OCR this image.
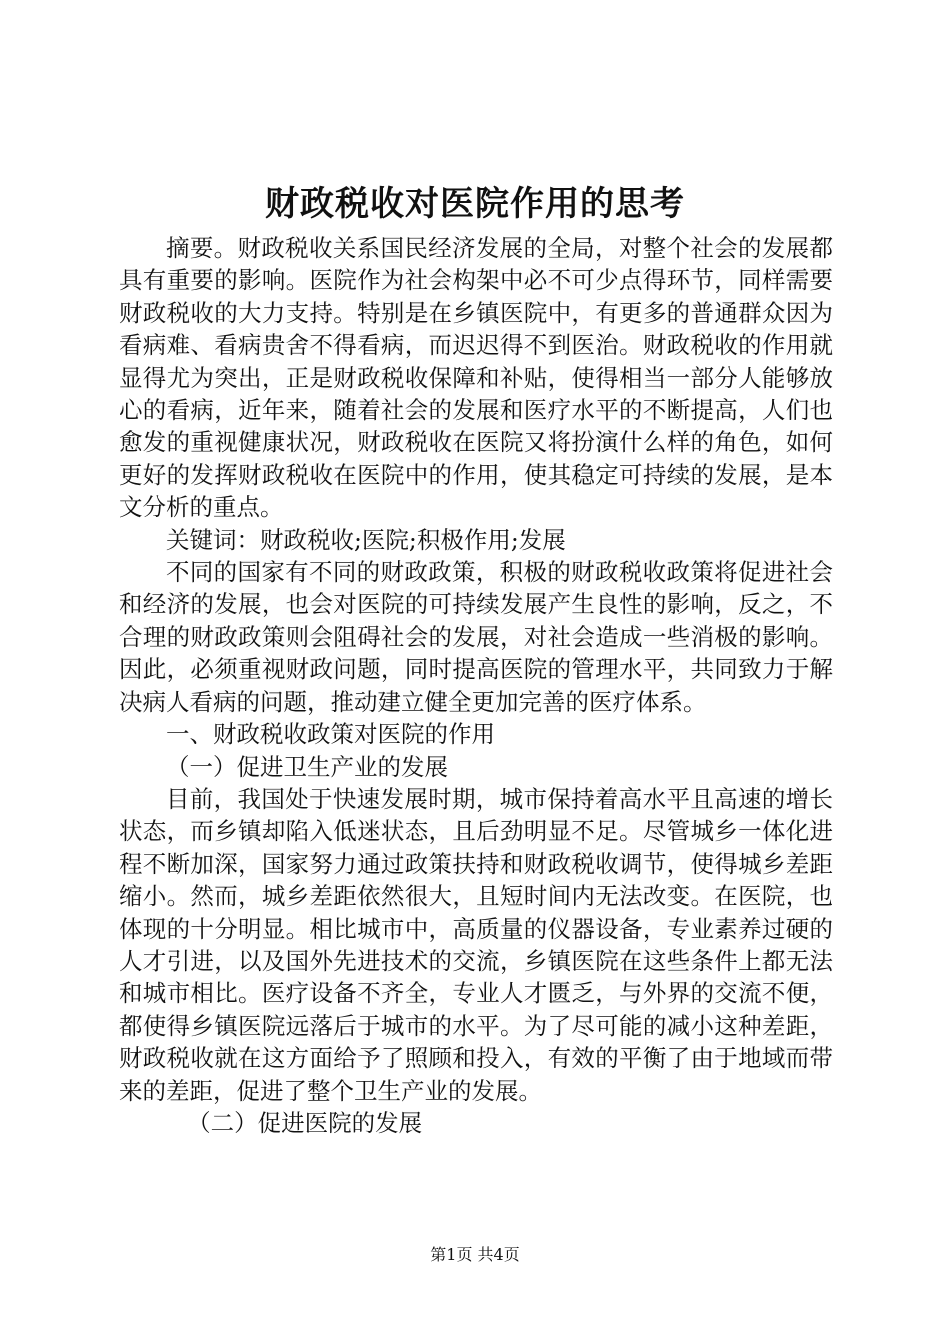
财政税收对医院作用的思考

摘要。财政税收关系国民经济发展的全局，对整个社会的发展都具有重要的影响。医院作为社会构架中必不可少点得环节，同样需要财政税收的大力支持。特别是在乡镇医院中，有更多的普通群众因为看病难、看病贵舍不得看病，而迟迟得不到医治。财政税收的作用就显得尤为突出，正是财政税收保障和补贴，使得相当一部分人能够放心的看病，近年来，随着社会的发展和医疗水平的不断提高，人们也愈发的重视健康状况，财政税收在医院又将扮演什么样的角色，如何更好的发挥财政税收在医院中的作用，使其稳定可持续的发展，是本文分析的重点。

关键词：财政税收;医院;积极作用;发展

不同的国家有不同的财政政策，积极的财政税收政策将促进社会和经济的发展，也会对医院的可持续发展产生良性的影响，反之，不合理的财政政策则会阻碍社会的发展，对社会造成一些消极的影响。因此，必须重视财政问题，同时提高医院的管理水平，共同致力于解决病人看病的问题，推动建立健全更加完善的医疗体系。

一、财政税收政策对医院的作用

（一）促进卫生产业的发展

目前，我国处于快速发展时期，城市保持着高水平且高速的增长状态，而乡镇却陷入低迷状态，且后劲明显不足。尽管城乡一体化进程不断加深，国家努力通过政策扶持和财政税收调节，使得城乡差距缩小。然而，城乡差距依然很大，且短时间内无法改变。在医院，也体现的十分明显。相比城市中，高质量的仪器设备，专业素养过硬的人才引进，以及国外先进技术的交流，乡镇医院在这些条件上都无法和城市相比。医疗设备不齐全，专业人才匮乏，与外界的交流不便，都使得乡镇医院远落后于城市的水平。为了尽可能的减小这种差距，财政税收就在这方面给予了照顾和投入，有效的平衡了由于地域而带来的差距，促进了整个卫生产业的发展。

（二）促进医院的发展

第1页 共4页
